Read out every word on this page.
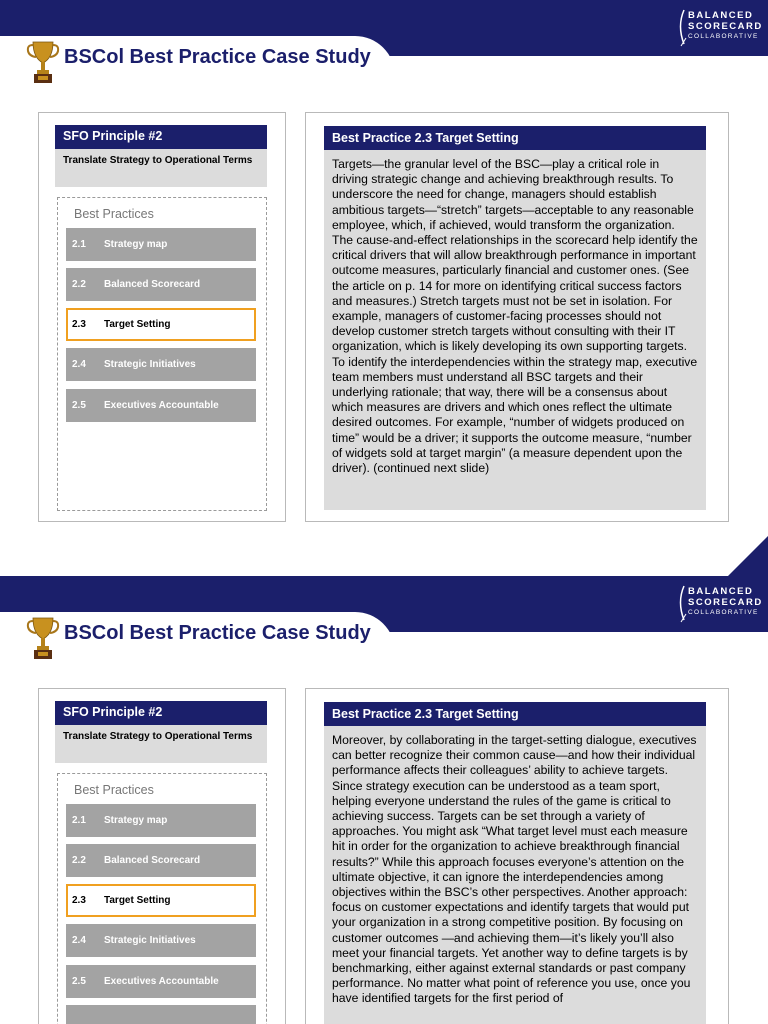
BALANCED
SCORECARD
COLLABORATIVE
BSCol Best Practice Case Study
SFO Principle #2
Translate Strategy to Operational Terms
Best Practices
2.1 Strategy map
2.2 Balanced Scorecard
2.3 Target Setting
2.4 Strategic Initiatives
2.5 Executives Accountable
Best Practice 2.3 Target Setting
Targets—the granular level of the BSC—play a critical role in driving strategic change and achieving breakthrough results. To underscore the need for change, managers should establish ambitious targets—“stretch” targets—acceptable to any reasonable employee, which, if achieved, would transform the organization. The cause-and-effect relationships in the scorecard help identify the critical drivers that will allow breakthrough performance in important outcome measures, particularly financial and customer ones. (See the article on p. 14 for more on identifying critical success factors and measures.) Stretch targets must not be set in isolation. For example, managers of customer-facing processes should not develop customer stretch targets without consulting with their IT organization, which is likely developing its own supporting targets. To identify the interdependencies within the strategy map, executive team members must understand all BSC targets and their underlying rationale; that way, there will be a consensus about which measures are drivers and which ones reflect the ultimate desired outcomes. For example, “number of widgets produced on time” would be a driver; it supports the outcome measure, “number of widgets sold at target margin” (a measure dependent upon the driver). (continued next slide)
BALANCED
SCORECARD
COLLABORATIVE
BSCol Best Practice Case Study
SFO Principle #2
Translate Strategy to Operational Terms
Best Practices
2.1 Strategy map
2.2 Balanced Scorecard
2.3 Target Setting
2.4 Strategic Initiatives
2.5 Executives Accountable
Best Practice 2.3 Target Setting
Moreover, by collaborating in the target-setting dialogue, executives can better recognize their common cause—and how their individual performance affects their colleagues’ ability to achieve targets. Since strategy execution can be understood as a team sport, helping everyone understand the rules of the game is critical to achieving success. Targets can be set through a variety of approaches. You might ask “What target level must each measure hit in order for the organization to achieve breakthrough financial results?” While this approach focuses everyone’s attention on the ultimate objective, it can ignore the interdependencies among objectives within the BSC’s other perspectives. Another approach: focus on customer expectations and identify targets that would put your organization in a strong competitive position. By focusing on customer outcomes —and achieving them—it’s likely you’ll also meet your financial targets. Yet another way to define targets is by benchmarking, either against external standards or past company performance. No matter what point of reference you use, once you have identified targets for the first period of
